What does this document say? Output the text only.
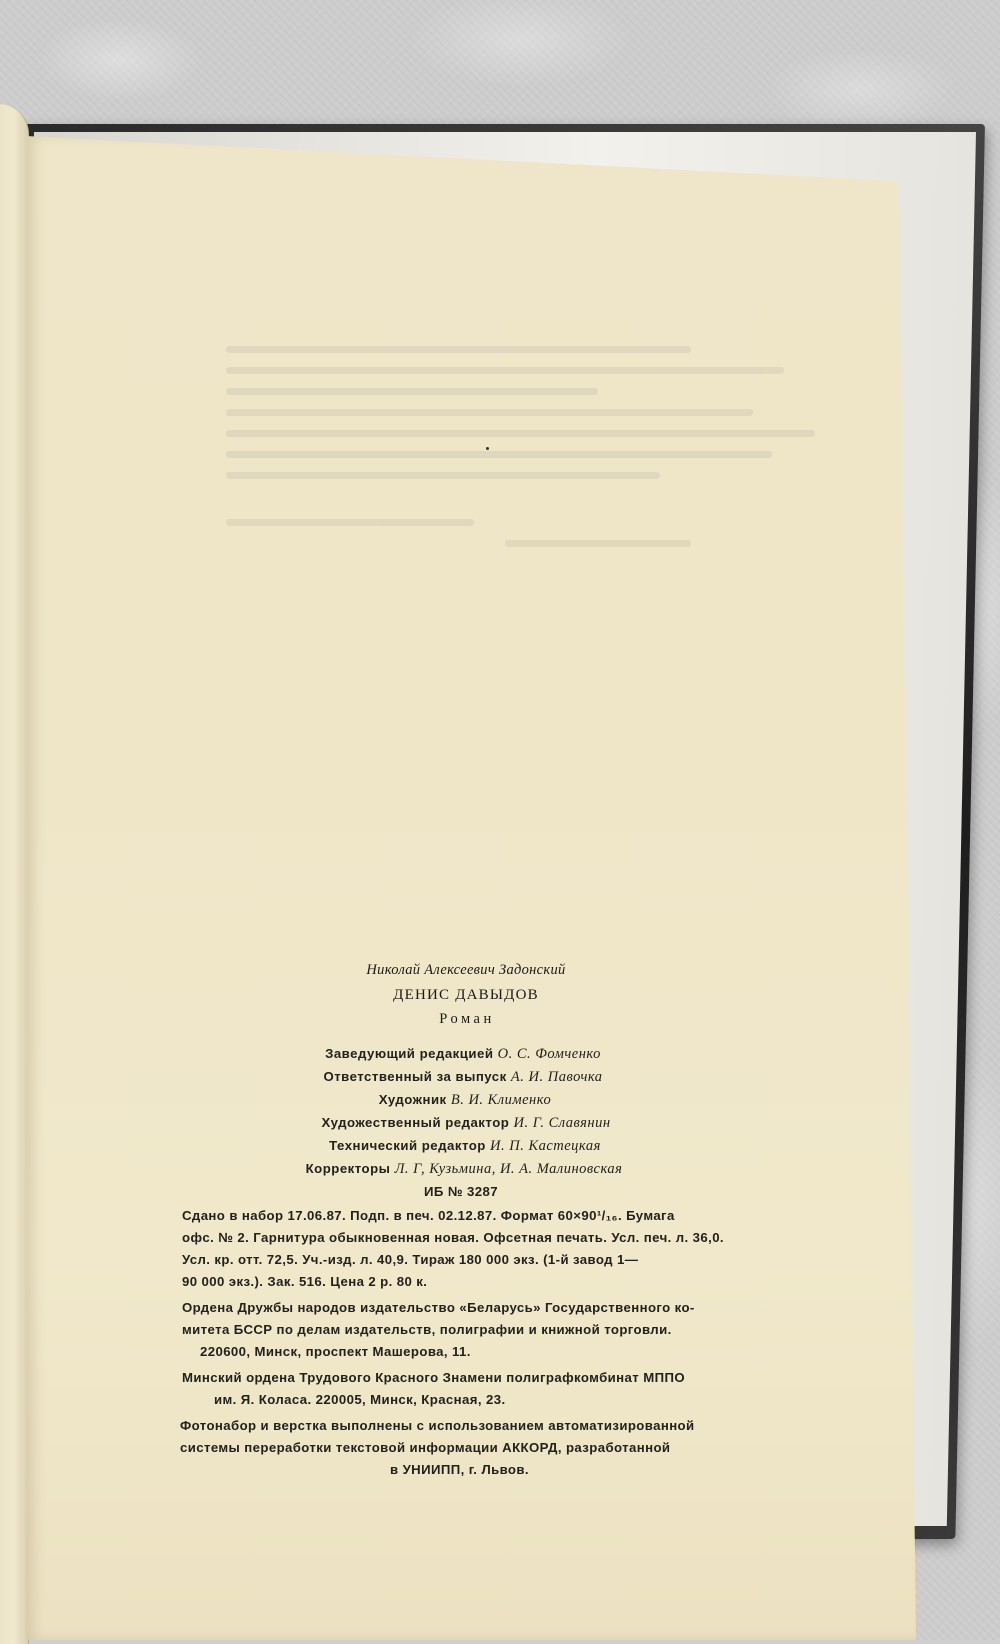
Николай Алексеевич Задонский
ДЕНИС ДАВЫДОВ
Роман
Заведующий редакцией О. С. Фомченко
Ответственный за выпуск А. И. Павочка
Художник В. И. Клименко
Художественный редактор И. Г. Славянин
Технический редактор И. П. Кастецкая
Корректоры Л. Г, Кузьмина, И. А. Малиновская
ИБ № 3287
Сдано в набор 17.06.87. Подп. в печ. 02.12.87. Формат 60×90¹/₁₆. Бумага
офс. № 2. Гарнитура обыкновенная новая. Офсетная печать. Усл. печ. л. 36,0.
Усл. кр. отт. 72,5. Уч.-изд. л. 40,9. Тираж 180 000 экз. (1-й завод 1—
90 000 экз.). Зак. 516. Цена 2 р. 80 к.
Ордена Дружбы народов издательство «Беларусь» Государственного ко-
митета БССР по делам издательств, полиграфии и книжной торговли.
220600, Минск, проспект Машерова, 11.
Минский ордена Трудового Красного Знамени полиграфкомбинат МППО
им. Я. Коласа. 220005, Минск, Красная, 23.
Фотонабор и верстка выполнены с использованием автоматизированной
системы переработки текстовой информации АККОРД, разработанной
в УНИИПП, г. Львов.
